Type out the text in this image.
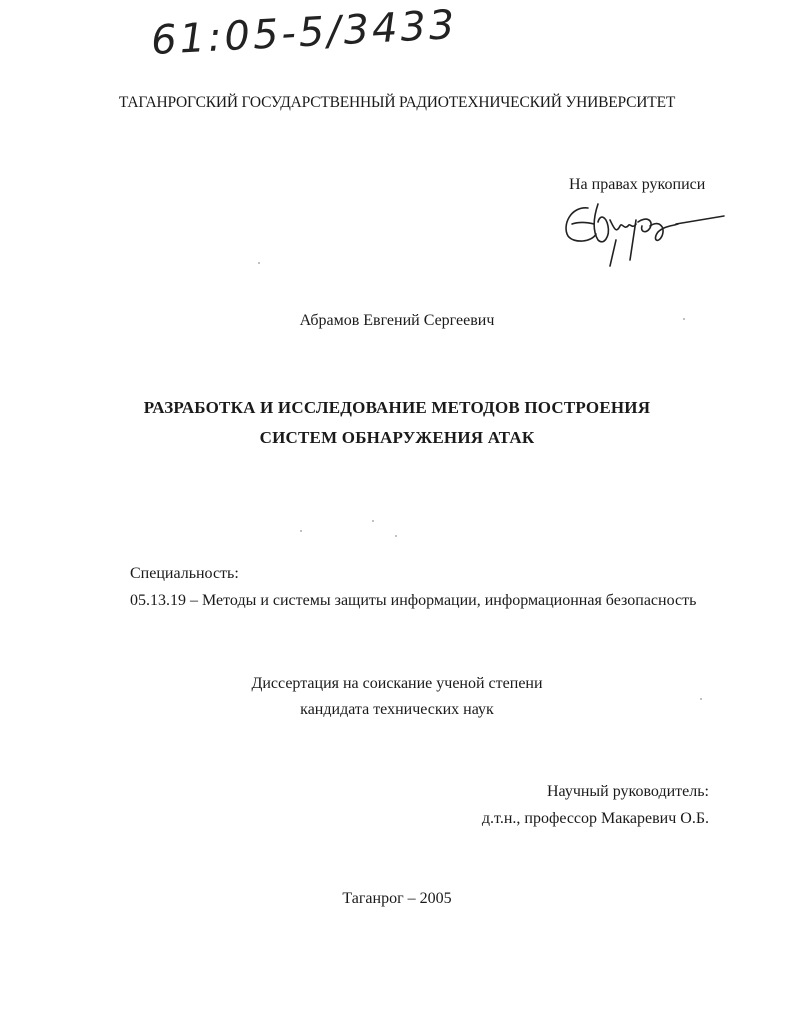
61:05-5/3433
ТАГАНРОГСКИЙ ГОСУДАРСТВЕННЫЙ РАДИОТЕХНИЧЕСКИЙ УНИВЕРСИТЕТ
На правах рукописи
Абрамов Евгений Сергеевич
РАЗРАБОТКА И ИССЛЕДОВАНИЕ МЕТОДОВ ПОСТРОЕНИЯ
СИСТЕМ ОБНАРУЖЕНИЯ АТАК
Специальность:
05.13.19 – Методы и системы защиты информации, информационная безопасность
Диссертация на соискание ученой степени
кандидата технических наук
Научный руководитель:
д.т.н., профессор Макаревич О.Б.
Таганрог – 2005
